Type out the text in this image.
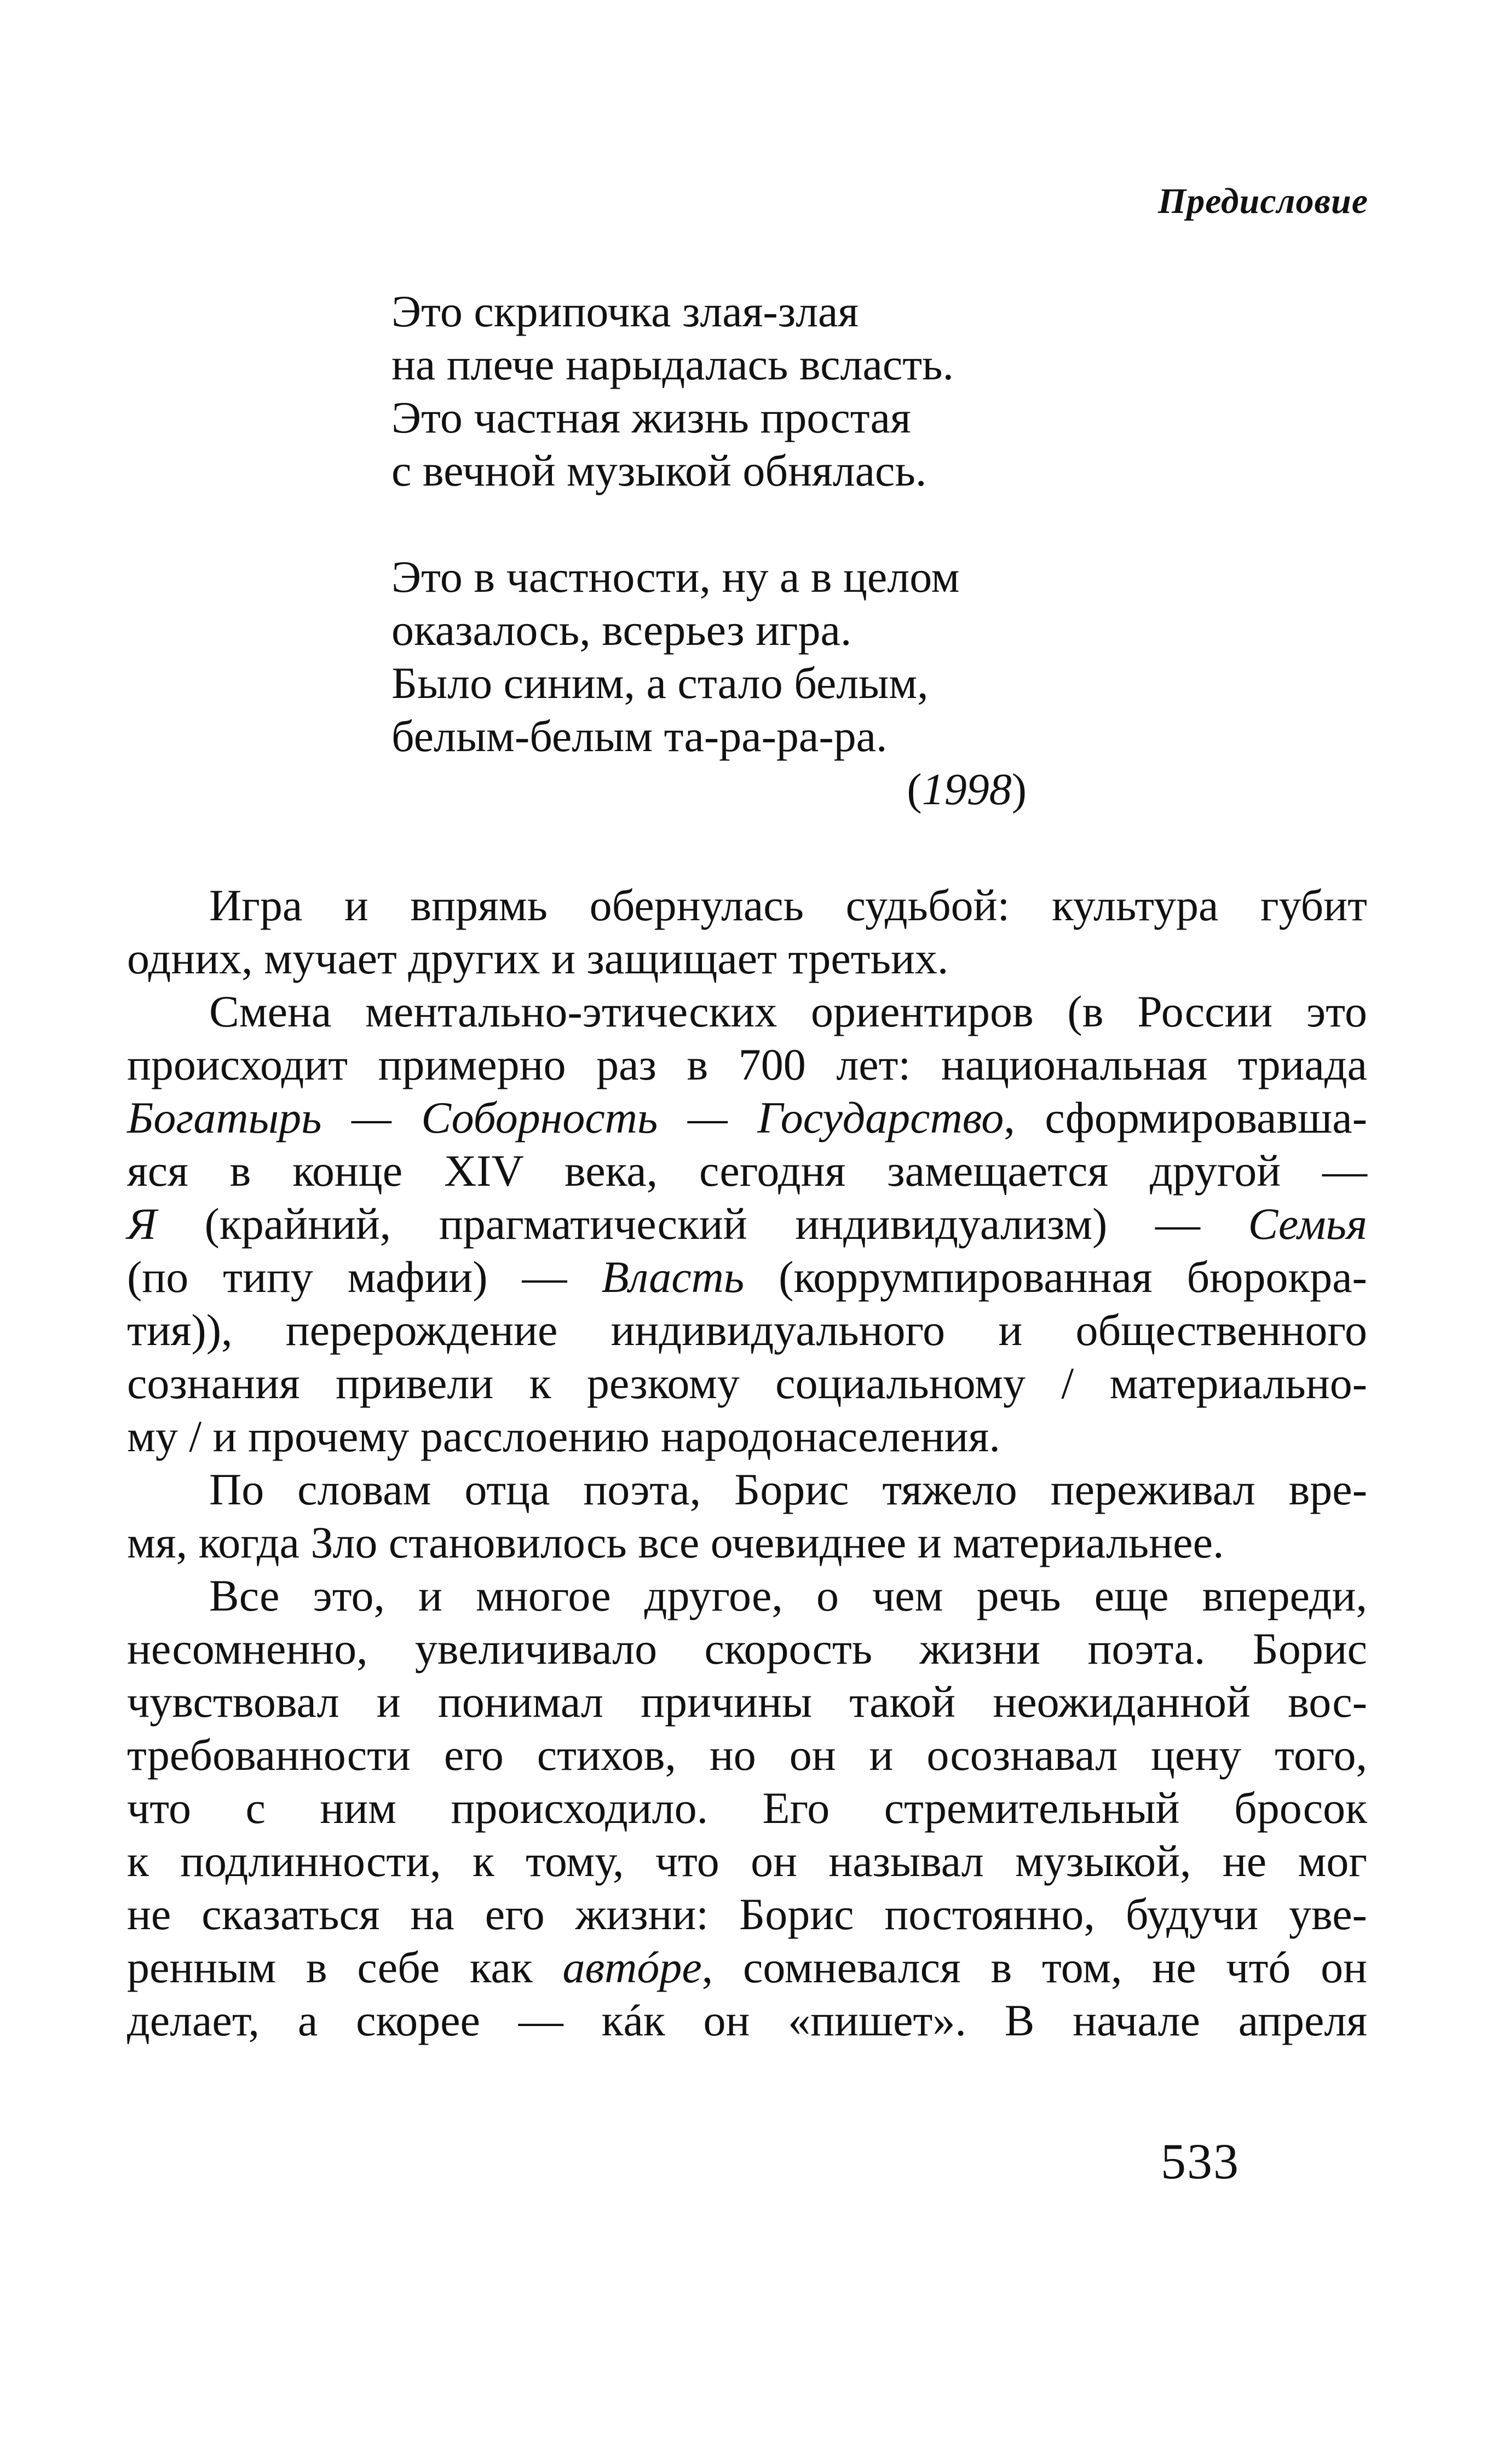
Предисловие
Это скрипочка злая-злая
на плече нарыдалась всласть.
Это частная жизнь простая
с вечной музыкой обнялась.
Это в частности, ну а в целом
оказалось, всерьез игра.
Было синим, а стало белым,
белым-белым та-ра-ра-ра.
(1998)

Игра и впрямь обернулась судьбой: культура губит
одних, мучает других и защищает третьих.

Смена ментально-этических ориентиров (в России это
происходит примерно раз в 700 лет: национальная триада
Богатырь — Соборность — Государство, сформировавша-
яся в конце XIV века, сегодня замещается другой —
Я (крайний, прагматический индивидуализм) — Семья
(по типу мафии) — Власть (коррумпированная бюрокра-
тия)), перерождение индивидуального и общественного
сознания привели к резкому социальному / материально-
му / и прочему расслоению народонаселения.

По словам отца поэта, Борис тяжело переживал вре-
мя, когда Зло становилось все очевиднее и материальнее.

Все это, и многое другое, о чем речь еще впереди,
несомненно, увеличивало скорость жизни поэта. Борис
чувствовал и понимал причины такой неожиданной вос-
требованности его стихов, но он и осознавал цену того,
что с ним происходило. Его стремительный бросок
к подлинности, к тому, что он называл музыкой, не мог
не сказаться на его жизни: Борис постоянно, будучи уве-
ренным в себе как автóре, сомневался в том, не чтó он
делает, а скорее — кáк он «пишет». В начале апреля

533
